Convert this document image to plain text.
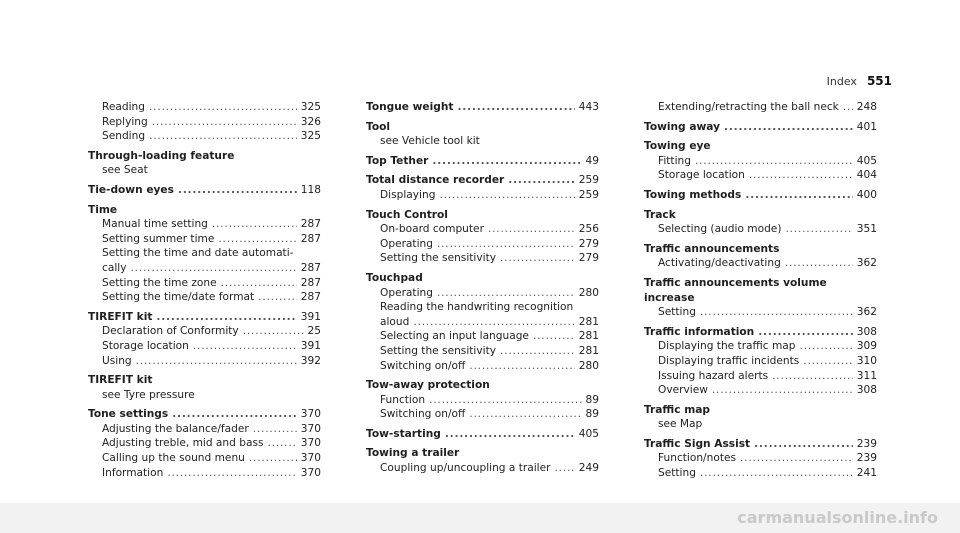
Index 551
Reading .....	325
Replying .....	326
Sending .....	325
Through-loading feature
see Seat
Tie-down eyes .....	118
Time
Manual time setting .....	287
Setting summer time .....	287
Setting the time and date automati-
cally .....	287
Setting the time zone .....	287
Setting the time/date format .....	287
TIREFIT kit .....	391
Declaration of Conformity .....	25
Storage location .....	391
Using .....	392
TIREFIT kit
see Tyre pressure
Tone settings .....	370
Adjusting the balance/fader .....	370
Adjusting treble, mid and bass .....	370
Calling up the sound menu .....	370
Information .....	370
Tongue weight .....	443
Tool
see Vehicle tool kit
Top Tether .....	49
Total distance recorder .....	259
Displaying .....	259
Touch Control
On-board computer .....	256
Operating .....	279
Setting the sensitivity .....	279
Touchpad
Operating .....	280
Reading the handwriting recognition
aloud .....	281
Selecting an input language .....	281
Setting the sensitivity .....	281
Switching on/off .....	280
Tow-away protection
Function .....	89
Switching on/off .....	89
Tow-starting .....	405
Towing a trailer
Coupling up/uncoupling a trailer .....	249
Extending/retracting the ball neck ..... 248
Towing away .....	401
Towing eye
Fitting .....	405
Storage location .....	404
Towing methods .....	400
Track
Selecting (audio mode) .....	351
Traffic announcements
Activating/deactivating .....	362
Traffic announcements volume
increase
Setting .....	362
Traffic information .....	308
Displaying the traffic map .....	309
Displaying traffic incidents .....	310
Issuing hazard alerts .....	311
Overview .....	308
Traffic map
see Map
Traffic Sign Assist .....	239
Function/notes .....	239
Setting .....	241
carmanualsonline.info
